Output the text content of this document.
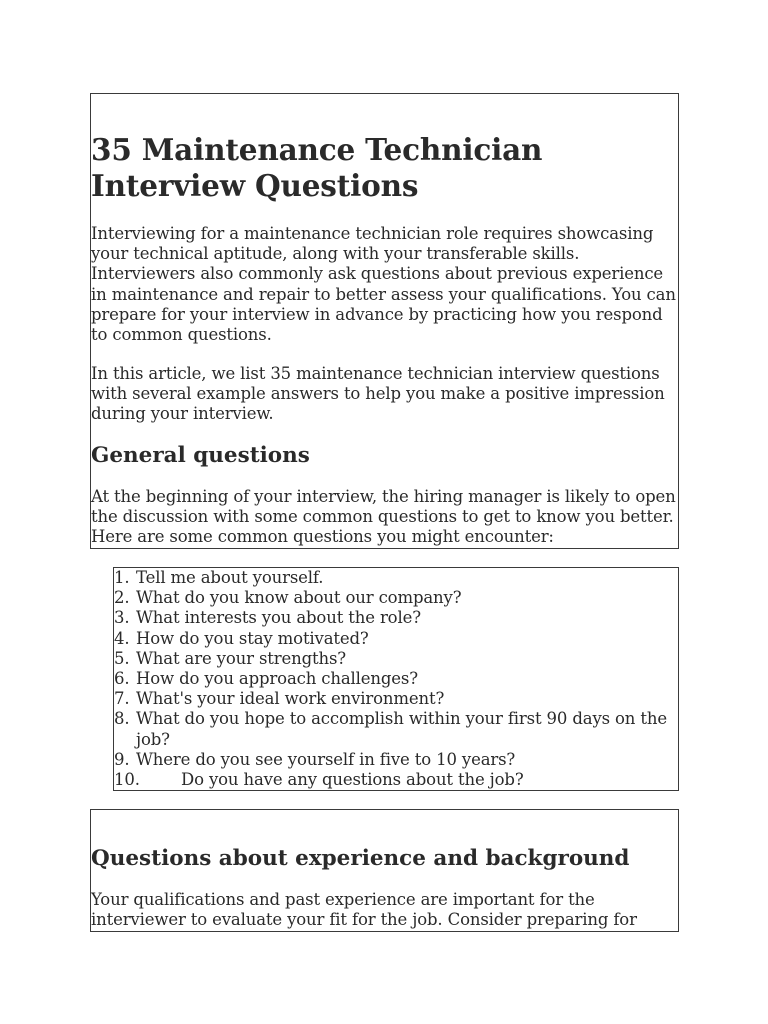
35 Maintenance Technician Interview Questions

Interviewing for a maintenance technician role requires showcasing your technical aptitude, along with your transferable skills. Interviewers also commonly ask questions about previous experience in maintenance and repair to better assess your qualifications. You can prepare for your interview in advance by practicing how you respond to common questions.

In this article, we list 35 maintenance technician interview questions with several example answers to help you make a positive impression during your interview.

General questions

At the beginning of your interview, the hiring manager is likely to open the discussion with some common questions to get to know you better. Here are some common questions you might encounter:

1. Tell me about yourself.
2. What do you know about our company?
3. What interests you about the role?
4. How do you stay motivated?
5. What are your strengths?
6. How do you approach challenges?
7. What's your ideal work environment?
8. What do you hope to accomplish within your first 90 days on the job?
9. Where do you see yourself in five to 10 years?
10. Do you have any questions about the job?
Questions about experience and background

Your qualifications and past experience are important for the interviewer to evaluate your fit for the job. Consider preparing for
